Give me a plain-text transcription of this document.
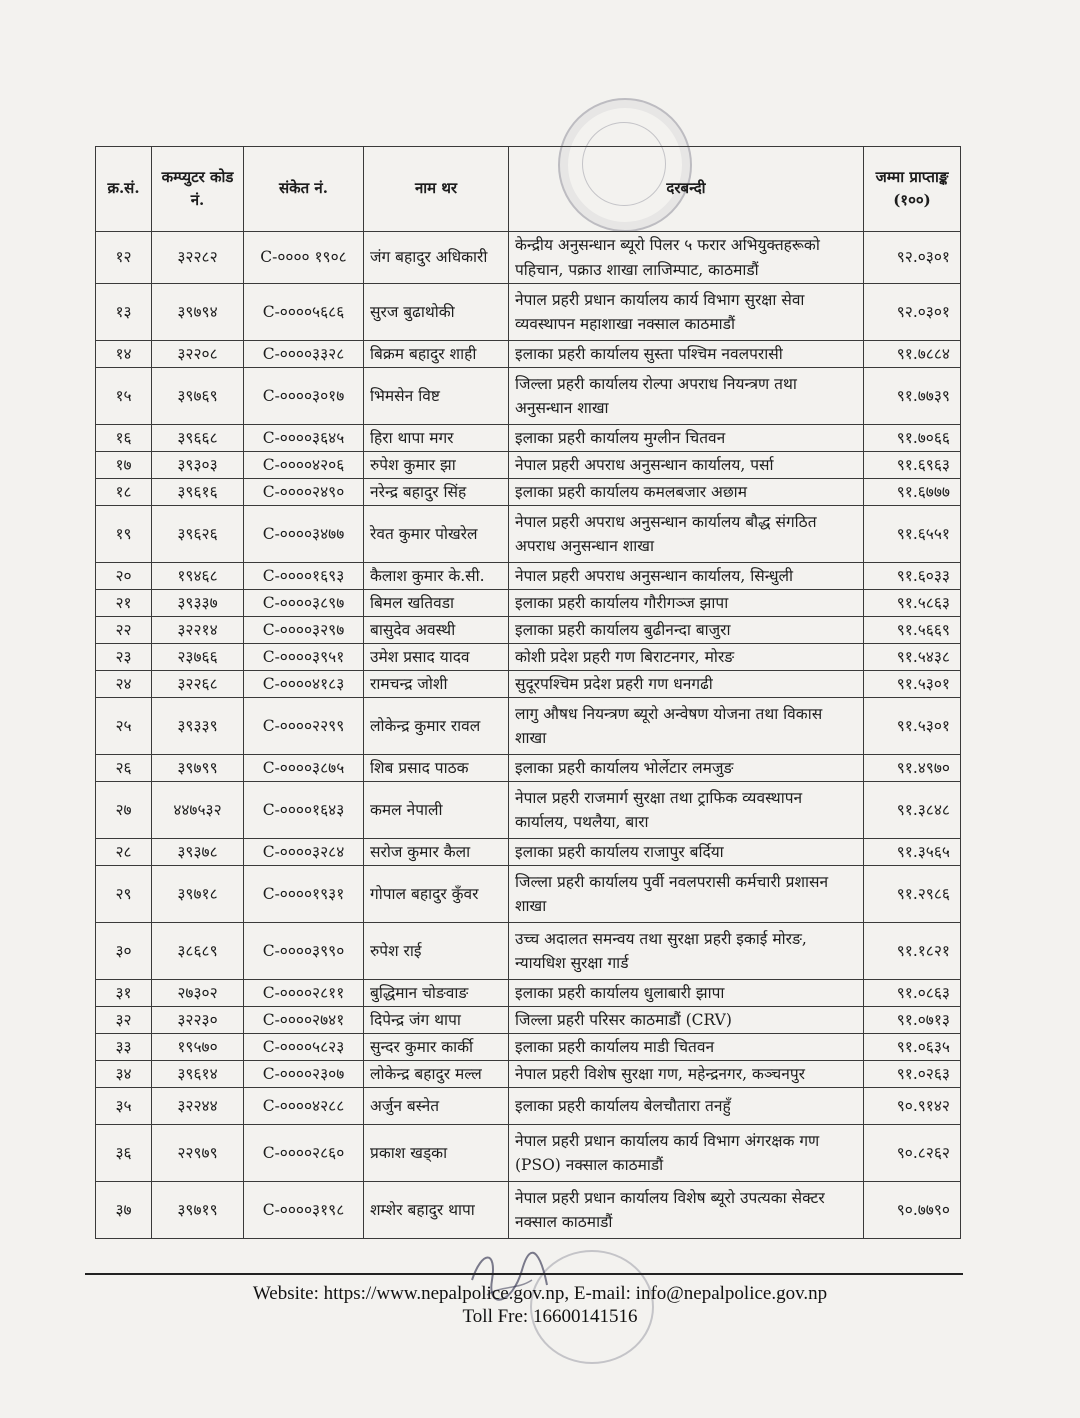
क्र.सं.	कम्प्युटर कोड नं.	संकेत नं.	नाम थर	दरबन्दी	जम्मा प्राप्ताङ्क (१००)
१२	३२२८२	C-०००० १९०८	जंग बहादुर अधिकारी	केन्द्रीय अनुसन्धान ब्यूरो पिलर ५ फरार अभियुक्तहरूको पहिचान, पक्राउ शाखा लाजिम्पाट, काठमाडौं	९२.०३०१
१३	३९७९४	C-००००५६८६	सुरज बुढाथोकी	नेपाल प्रहरी प्रधान कार्यालय कार्य विभाग सुरक्षा सेवा व्यवस्थापन महाशाखा नक्साल काठमाडौं	९२.०३०१
१४	३२२०८	C-००००३३२८	बिक्रम बहादुर शाही	इलाका प्रहरी कार्यालय सुस्ता पश्चिम नवलपरासी	९१.७८८४
१५	३९७६९	C-००००३०१७	भिमसेन विष्ट	जिल्ला प्रहरी कार्यालय रोल्पा अपराध नियन्त्रण तथा अनुसन्धान शाखा	९१.७७३९
१६	३९६६८	C-००००३६४५	हिरा थापा मगर	इलाका प्रहरी कार्यालय मुग्लीन चितवन	९१.७०६६
१७	३९३०३	C-००००४२०६	रुपेश कुमार झा	नेपाल प्रहरी अपराध अनुसन्धान कार्यालय, पर्सा	९१.६९६३
१८	३९६१६	C-००००२४९०	नरेन्द्र बहादुर सिंह	इलाका प्रहरी कार्यालय कमलबजार अछाम	९१.६७७७
१९	३९६२६	C-००००३४७७	रेवत कुमार पोखरेल	नेपाल प्रहरी अपराध अनुसन्धान कार्यालय बौद्ध संगठित अपराध अनुसन्धान शाखा	९१.६५५१
२०	१९४६८	C-००००१६९३	कैलाश कुमार के.सी.	नेपाल प्रहरी अपराध अनुसन्धान कार्यालय, सिन्धुली	९१.६०३३
२१	३९३३७	C-००००३८९७	बिमल खतिवडा	इलाका प्रहरी कार्यालय गौरीगञ्ज झापा	९१.५८६३
२२	३२२१४	C-००००३२९७	बासुदेव अवस्थी	इलाका प्रहरी कार्यालय बुढीनन्दा बाजुरा	९१.५६६९
२३	२३७६६	C-००००३९५१	उमेश प्रसाद यादव	कोशी प्रदेश प्रहरी गण बिराटनगर, मोरङ	९१.५४३८
२४	३२२६८	C-००००४१८३	रामचन्द्र जोशी	सुदूरपश्चिम प्रदेश प्रहरी गण धनगढी	९१.५३०१
२५	३९३३९	C-००००२२९९	लोकेन्द्र कुमार रावल	लागु औषध नियन्त्रण ब्यूरो अन्वेषण योजना तथा विकास शाखा	९१.५३०१
२६	३९७९९	C-००००३८७५	शिब प्रसाद पाठक	इलाका प्रहरी कार्यालय भोर्लेटार लमजुङ	९१.४९७०
२७	४४७५३२	C-००००१६४३	कमल नेपाली	नेपाल प्रहरी राजमार्ग सुरक्षा तथा ट्राफिक व्यवस्थापन कार्यालय, पथलैया, बारा	९१.३८४८
२८	३९३७८	C-००००३२८४	सरोज कुमार कैला	इलाका प्रहरी कार्यालय राजापुर बर्दिया	९१.३५६५
२९	३९७१८	C-००००१९३१	गोपाल बहादुर कुँवर	जिल्ला प्रहरी कार्यालय पुर्वी नवलपरासी कर्मचारी प्रशासन शाखा	९१.२९८६
३०	३८६८९	C-००००३९९०	रुपेश राई	उच्च अदालत समन्वय तथा सुरक्षा प्रहरी इकाई मोरङ, न्यायधिश सुरक्षा गार्ड	९१.१८२१
३१	२७३०२	C-००००२८११	बुद्धिमान चोङवाङ	इलाका प्रहरी कार्यालय धुलाबारी झापा	९१.०८६३
३२	३२२३०	C-००००२७४१	दिपेन्द्र जंग थापा	जिल्ला प्रहरी परिसर काठमाडौं (CRV)	९१.०७१३
३३	१९५७०	C-००००५८२३	सुन्दर कुमार कार्की	इलाका प्रहरी कार्यालय माडी चितवन	९१.०६३५
३४	३९६१४	C-००००२३०७	लोकेन्द्र बहादुर मल्ल	नेपाल प्रहरी विशेष सुरक्षा गण, महेन्द्रनगर, कञ्चनपुर	९१.०२६३
३५	३२२४४	C-००००४२८८	अर्जुन बस्नेत	इलाका प्रहरी कार्यालय बेलचौतारा तनहुँ	९०.९१४२
३६	२२९७९	C-००००२८६०	प्रकाश खड्का	नेपाल प्रहरी प्रधान कार्यालय कार्य विभाग अंगरक्षक गण (PSO) नक्साल काठमाडौं	९०.८२६२
३७	३९७१९	C-००००३१९८	शम्शेर बहादुर थापा	नेपाल प्रहरी प्रधान कार्यालय विशेष ब्यूरो उपत्यका सेक्टर नक्साल काठमाडौं	९०.७७९०
Website: https://www.nepalpolice.gov.np, E-mail: info@nepalpolice.gov.np
Toll Fre: 16600141516
